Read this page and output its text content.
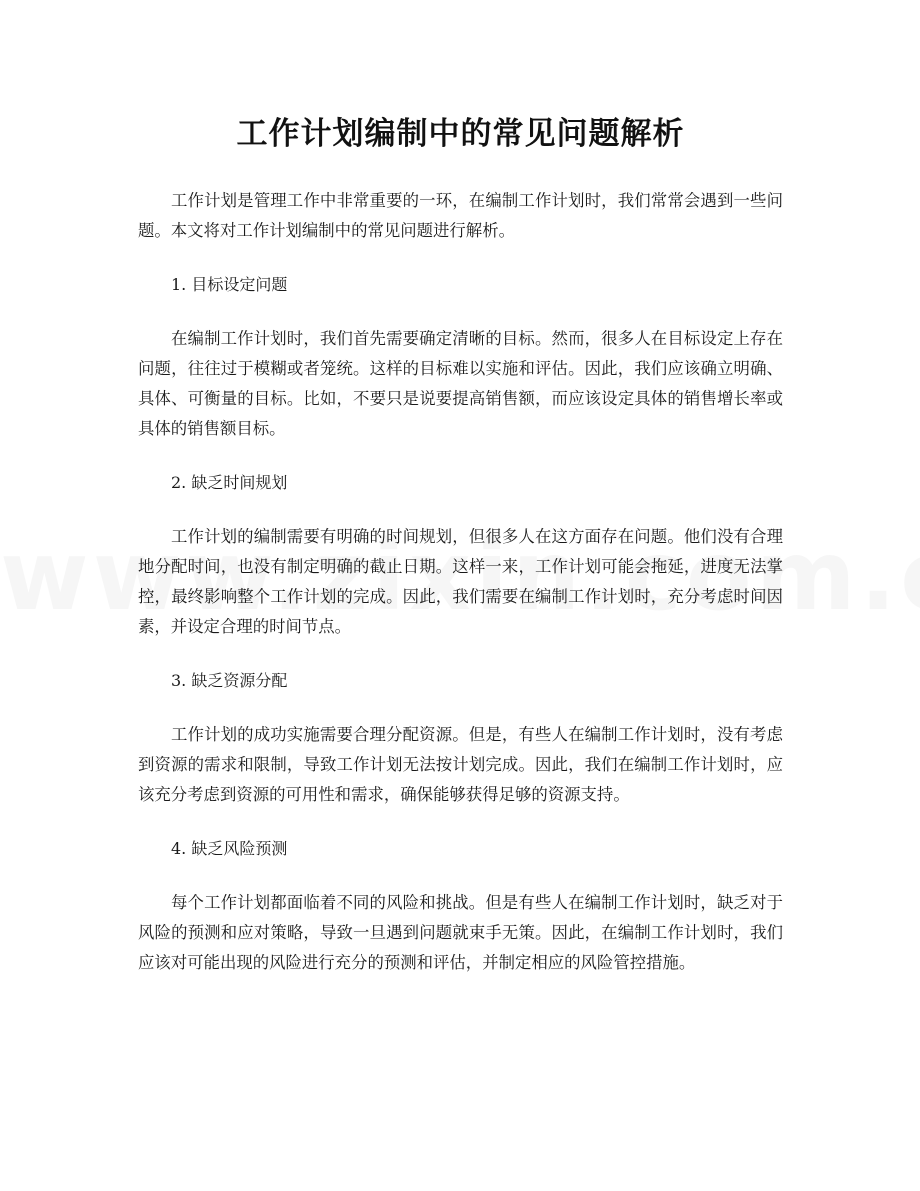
工作计划编制中的常见问题解析

工作计划是管理工作中非常重要的一环，在编制工作计划时，我们常常会遇到一些问题。本文将对工作计划编制中的常见问题进行解析。

1. 目标设定问题

在编制工作计划时，我们首先需要确定清晰的目标。然而，很多人在目标设定上存在问题，往往过于模糊或者笼统。这样的目标难以实施和评估。因此，我们应该确立明确、具体、可衡量的目标。比如，不要只是说要提高销售额，而应该设定具体的销售增长率或具体的销售额目标。

2. 缺乏时间规划

工作计划的编制需要有明确的时间规划，但很多人在这方面存在问题。他们没有合理地分配时间，也没有制定明确的截止日期。这样一来，工作计划可能会拖延，进度无法掌控，最终影响整个工作计划的完成。因此，我们需要在编制工作计划时，充分考虑时间因素，并设定合理的时间节点。

3. 缺乏资源分配

工作计划的成功实施需要合理分配资源。但是，有些人在编制工作计划时，没有考虑到资源的需求和限制，导致工作计划无法按计划完成。因此，我们在编制工作计划时，应该充分考虑到资源的可用性和需求，确保能够获得足够的资源支持。

4. 缺乏风险预测

每个工作计划都面临着不同的风险和挑战。但是有些人在编制工作计划时，缺乏对于风险的预测和应对策略，导致一旦遇到问题就束手无策。因此，在编制工作计划时，我们应该对可能出现的风险进行充分的预测和评估，并制定相应的风险管控措施。
